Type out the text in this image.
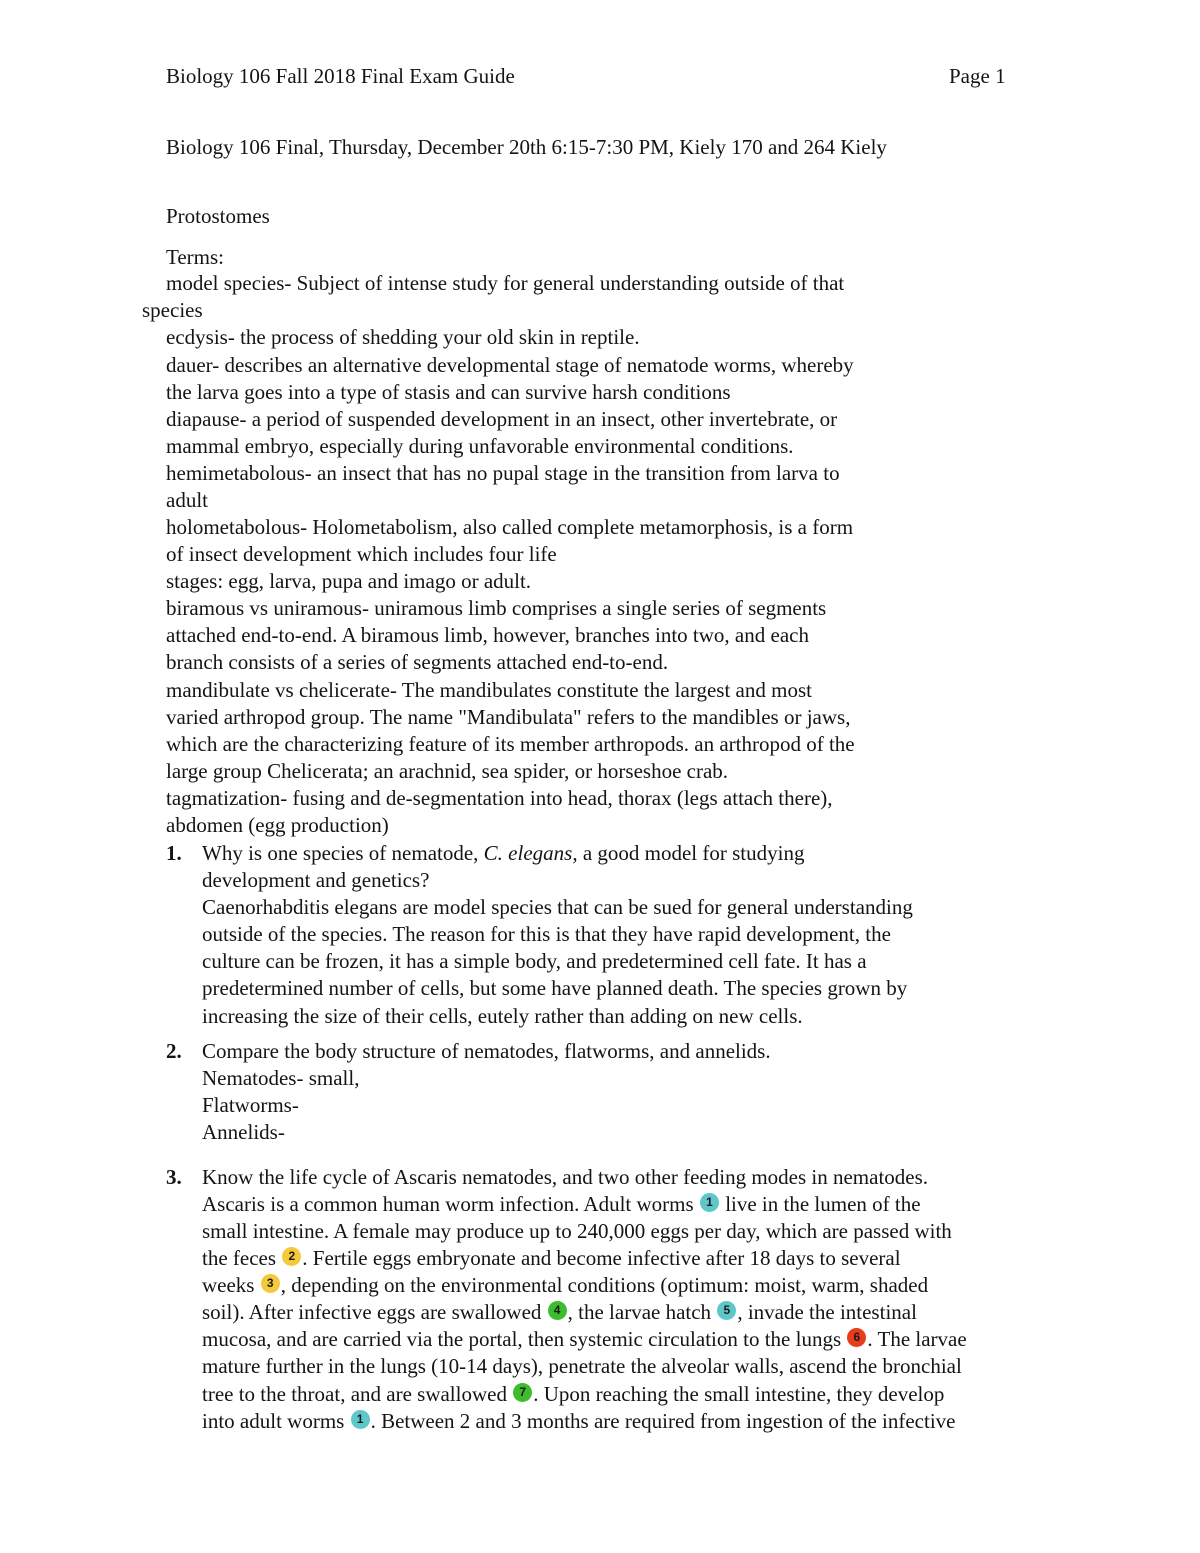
Biology 106 Fall 2018 Final Exam Guide	Page 1
Biology 106 Final, Thursday, December 20th 6:15-7:30 PM, Kiely 170 and 264 Kiely
Protostomes
Terms:
model species- Subject of intense study for general understanding outside of that
species
ecdysis- the process of shedding your old skin in reptile.
dauer- describes an alternative developmental stage of nematode worms, whereby
the larva goes into a type of stasis and can survive harsh conditions
diapause- a period of suspended development in an insect, other invertebrate, or
mammal embryo, especially during unfavorable environmental conditions.
hemimetabolous- an insect that has no pupal stage in the transition from larva to
adult
holometabolous- Holometabolism, also called complete metamorphosis, is a form
of insect development which includes four life
stages: egg, larva, pupa and imago or adult.
biramous vs uniramous- uniramous limb comprises a single series of segments
attached end-to-end. A biramous limb, however, branches into two, and each
branch consists of a series of segments attached end-to-end.
mandibulate vs chelicerate- The mandibulates constitute the largest and most
varied arthropod group. The name "Mandibulata" refers to the mandibles or jaws,
which are the characterizing feature of its member arthropods. an arthropod of the
large group Chelicerata; an arachnid, sea spider, or horseshoe crab.
tagmatization- fusing and de-segmentation into head, thorax (legs attach there),
abdomen (egg production)
1. Why is one species of nematode, C. elegans, a good model for studying
development and genetics?
Caenorhabditis elegans are model species that can be sued for general understanding
outside of the species. The reason for this is that they have rapid development, the
culture can be frozen, it has a simple body, and predetermined cell fate. It has a
predetermined number of cells, but some have planned death. The species grown by
increasing the size of their cells, eutely rather than adding on new cells.
2. Compare the body structure of nematodes, flatworms, and annelids.
Nematodes- small,
Flatworms-
Annelids-
3. Know the life cycle of Ascaris nematodes, and two other feeding modes in nematodes.
Ascaris is a common human worm infection. Adult worms 1 live in the lumen of the
small intestine. A female may produce up to 240,000 eggs per day, which are passed with
the feces 2 . Fertile eggs embryonate and become infective after 18 days to several
weeks 3 , depending on the environmental conditions (optimum: moist, warm, shaded
soil). After infective eggs are swallowed 4 , the larvae hatch 5 , invade the intestinal
mucosa, and are carried via the portal, then systemic circulation to the lungs 6 . The larvae
mature further in the lungs (10-14 days), penetrate the alveolar walls, ascend the bronchial
tree to the throat, and are swallowed 7 . Upon reaching the small intestine, they develop
into adult worms 1 . Between 2 and 3 months are required from ingestion of the infective
